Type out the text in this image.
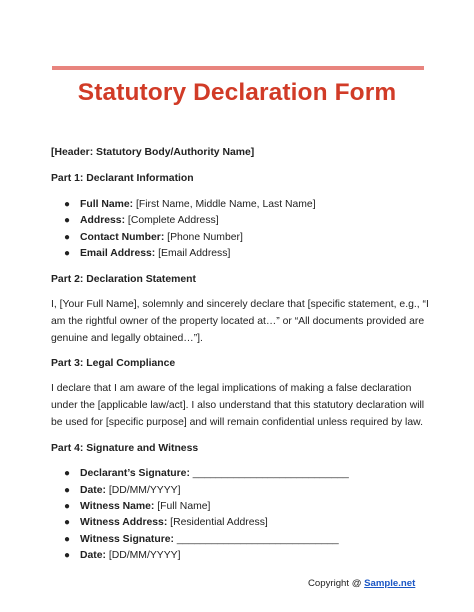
Statutory Declaration Form
[Header: Statutory Body/Authority Name]
Part 1: Declarant Information
● Full Name: [First Name, Middle Name, Last Name]
● Address: [Complete Address]
● Contact Number: [Phone Number]
● Email Address: [Email Address]
Part 2: Declaration Statement
I, [Your Full Name], solemnly and sincerely declare that [specific statement, e.g., “I am the rightful owner of the property located at…” or “All documents provided are genuine and legally obtained…”].
Part 3: Legal Compliance
I declare that I am aware of the legal implications of making a false declaration under the [applicable law/act]. I also understand that this statutory declaration will be used for [specific purpose] and will remain confidential unless required by law.
Part 4: Signature and Witness
● Declarant’s Signature: ___________________________
● Date: [DD/MM/YYYY]
● Witness Name: [Full Name]
● Witness Address: [Residential Address]
● Witness Signature: ____________________________
● Date: [DD/MM/YYYY]
Copyright @ Sample.net
